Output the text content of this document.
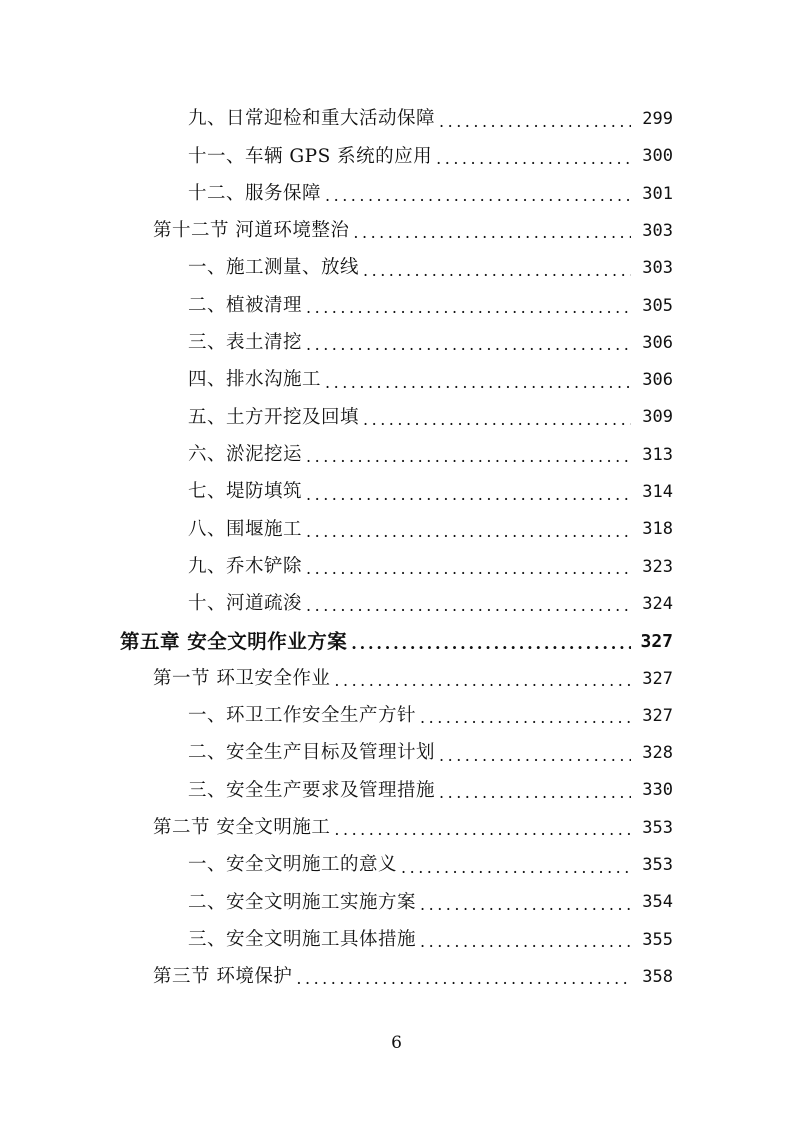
九、日常迎检和重大活动保障 .....	299
十一、车辆 GPS 系统的应用 .....	300
十二、服务保障 .....	301
第十二节 河道环境整治 .....	303
一、施工测量、放线 .....	303
二、植被清理 .....	305
三、表土清挖 .....	306
四、排水沟施工 .....	306
五、土方开挖及回填 .....	309
六、淤泥挖运 .....	313
七、堤防填筑 .....	314
八、围堰施工 .....	318
九、乔木铲除 .....	323
十、河道疏浚 .....	324
第五章 安全文明作业方案 .....	327
第一节 环卫安全作业 .....	327
一、环卫工作安全生产方针 .....	327
二、安全生产目标及管理计划 .....	328
三、安全生产要求及管理措施 .....	330
第二节 安全文明施工 .....	353
一、安全文明施工的意义 .....	353
二、安全文明施工实施方案 .....	354
三、安全文明施工具体措施 .....	355
第三节 环境保护 .....	358
6
